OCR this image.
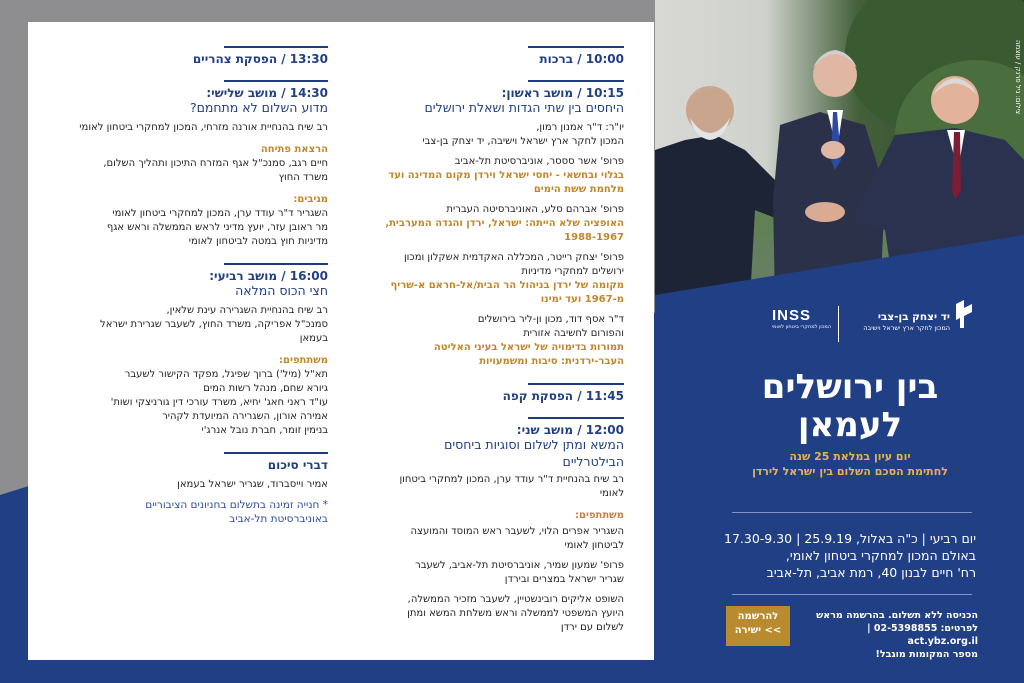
10:00 / ברכות
10:15 / מושב ראשון:
היחסים בין שתי הגדות ושאלת ירושלים
יו"ר: ד"ר אמנון רמון,
המכון לחקר ארץ ישראל וישיבה, יד יצחק בן-צבי
פרופ' אשר סססר, אוניברסיטת תל-אביב
בגלוי ובחשאי - יחסי ישראל וירדן מקום המדינה ועד
מלחמת ששת הימים
פרופ' אברהם סלע, האוניברסיטה העברית
האופציה שלא הייתה: ישראל, ירדן והגדה המערבית,
1988-1967
פרופ' יצחק רייטר, המכללה האקדמית אשקלון ומכון
ירושלים למחקרי מדיניות
מקומה של ירדן בניהול הר הבית/אל-חראם א-שריף
מ-1967 ועד ימינו
ד"ר אסף דוד, מכון ון-ליר בירושלים
והפורום לחשיבה אזורית
תמורות בדימויה של ישראל בעיני האליטה
העבר-ירדנית: סיבות ומשמעויות
11:45 / הפסקת קפה
12:00 / מושב שני:
המשא ומתן לשלום וסוגיות ביחסים
הבילטרליים
רב שיח בהנחיית ד"ר עודד ערן, המכון למחקרי ביטחון לאומי
משתתפים:
השגריר אפרים הלוי, לשעבר ראש המוסד והמועצה
לביטחון לאומי
פרופ' שמעון שמיר, אוניברסיטת תל-אביב, לשעבר
שגריר ישראל במצרים ובירדן
השופט אליקים רובינשטיין, לשעבר מזכיר הממשלה,
היועץ המשפטי לממשלה וראש משלחת המשא ומתן
לשלום עם ירדן
13:30 / הפסקת צהריים
14:30 / מושב שלישי:
מדוע השלום לא מתחמם?
רב שיח בהנחיית אורנה מזרחי, המכון למחקרי ביטחון לאומי
הרצאת פתיחה
חיים רגב, סמנכ"ל אגף המזרח התיכון ותהליך השלום,
משרד החוץ
מגיבים:
השגריר ד"ר עודד ערן, המכון למחקרי ביטחון לאומי
מר ראובן עזר, יועץ מדיני לראש הממשלה וראש אגף
מדיניות חוץ במטה לביטחון לאומי
16:00 / מושב רביעי:
חצי הכוס המלאה
רב שיח בהנחיית השגרירה עינת שלאין,
סמנכ"ל אפריקה, משרד החוץ, לשעבר שגרירת ישראל בעמאן
משתתפים:
תא"ל (מיל') ברוך שפיגל, מפקד הקישור לשעבר
גיורא שחם, מנהל רשות המים
עו"ד ראני חאג' יחיא, משרד עורכי דין גורניצקי ושות'
אמירה אורון, השגרירה המיועדת לקהיר
בנימין זומר, חברת נובל אנרג'י
דברי סיכום
אמיר וייסברוד, שגריר ישראל בעמאן
* חנייה זמינה בתשלום בחניונים הציבוריים
באוניברסיטת תל-אביב
צילום: גיל פרנק / עוצמה
יד יצחק בן-צבי
המכון לחקר ארץ ישראל וישיבה
INSS
המכון למחקרי ביטחון לאומי
בין ירושלים
לעמאן
יום עיון במלאת 25 שנה
לחתימת הסכם השלום בין ישראל לירדן
יום רביעי | כ"ה באלול, 25.9.19 | 17.30-9.30
באולם המכון למחקרי ביטחון לאומי,
רח' חיים לבנון 40, רמת אביב, תל-אביב
הכניסה ללא תשלום. בהרשמה מראש
לפרטים: 02-5398855 | act.ybz.org.il
מספר המקומות מוגבל!
להרשמה
ישירה <<
